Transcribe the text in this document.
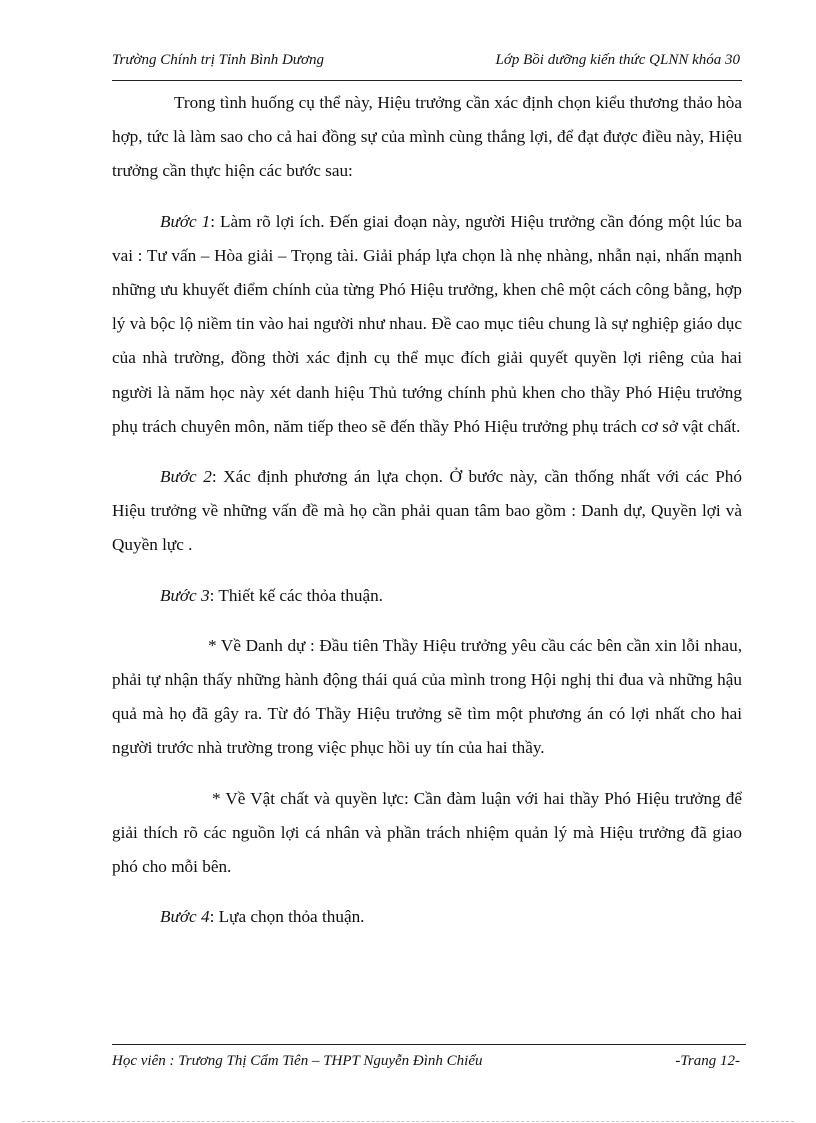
Trường Chính trị Tỉnh Bình Dương	Lớp Bồi dưỡng kiến thức QLNN khóa 30

Trong tình huống cụ thể này, Hiệu trưởng cần xác định chọn kiểu thương thảo hòa hợp, tức là làm sao cho cả hai đồng sự của mình cùng thắng lợi, để đạt được điều này, Hiệu trưởng cần thực hiện các bước sau:

Bước 1: Làm rõ lợi ích. Đến giai đoạn này, người Hiệu trưởng cần đóng một lúc ba vai : Tư vấn – Hòa giải – Trọng tài. Giải pháp lựa chọn là nhẹ nhàng, nhẫn nại, nhấn mạnh những ưu khuyết điểm chính của từng Phó Hiệu trưởng, khen chê một cách công bằng, hợp lý và bộc lộ niềm tin vào hai người như nhau. Đề cao mục tiêu chung là sự nghiệp giáo dục của nhà trường, đồng thời xác định cụ thể mục đích giải quyết quyền lợi riêng của hai người là năm học này xét danh hiệu Thủ tướng chính phủ khen cho thầy Phó Hiệu trưởng phụ trách chuyên môn, năm tiếp theo sẽ đến thầy Phó Hiệu trưởng phụ trách cơ sở vật chất.

Bước 2: Xác định phương án lựa chọn. Ở bước này, cần thống nhất với các Phó Hiệu trưởng về những vấn đề mà họ cần phải quan tâm bao gồm : Danh dự, Quyền lợi và Quyền lực .

Bước 3: Thiết kế các thỏa thuận.

* Về Danh dự : Đầu tiên Thầy Hiệu trưởng yêu cầu các bên cần xin lỗi nhau, phải tự nhận thấy những hành động thái quá của mình trong Hội nghị thi đua và những hậu quả mà họ đã gây ra. Từ đó Thầy Hiệu trưởng sẽ tìm một phương án có lợi nhất cho hai người trước nhà trường trong việc phục hồi uy tín của hai thầy.

* Về Vật chất và quyền lực: Cần đàm luận với hai thầy Phó Hiệu trưởng để giải thích rõ các nguồn lợi cá nhân và phần trách nhiệm quản lý mà Hiệu trưởng đã giao phó cho mỗi bên.

Bước 4: Lựa chọn thỏa thuận.

Học viên : Trương Thị Cẩm Tiên – THPT Nguyễn Đình Chiểu	-Trang 12-
